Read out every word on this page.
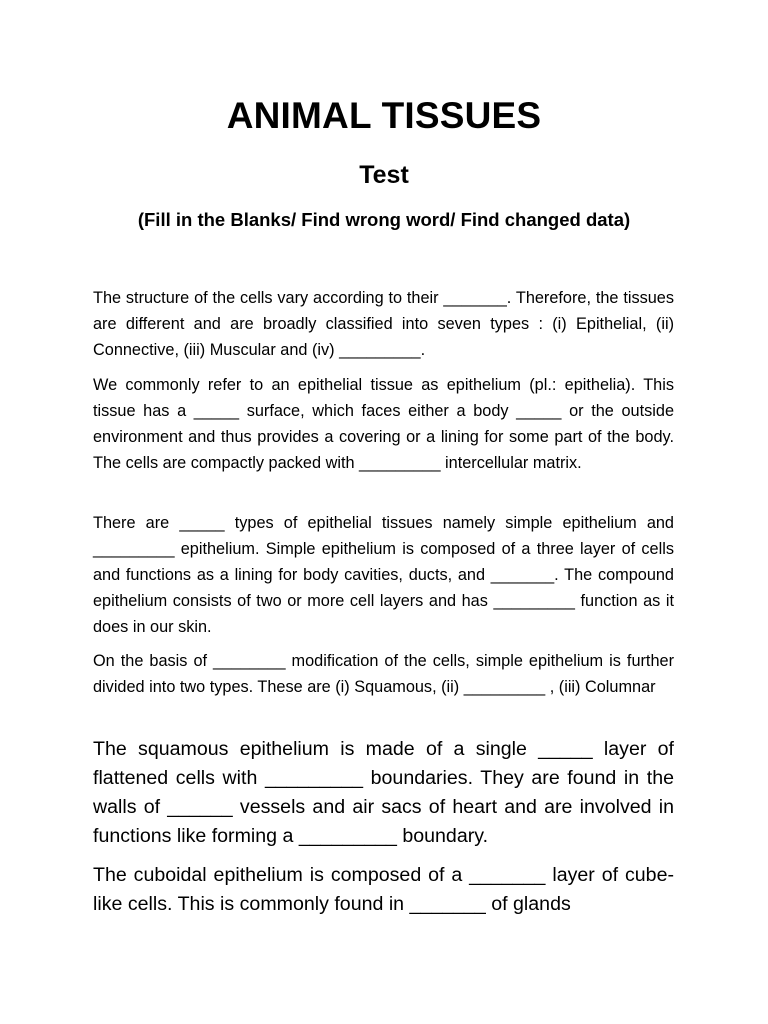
ANIMAL TISSUES
Test
(Fill in the Blanks/ Find wrong word/ Find changed data)

The structure of the cells vary according to their _______. Therefore, the tissues are different and are broadly classified into seven types : (i) Epithelial, (ii) Connective, (iii) Muscular and (iv) _________.

We commonly refer to an epithelial tissue as epithelium (pl.: epithelia). This tissue has a _____ surface, which faces either a body _____ or the outside environment and thus provides a covering or a lining for some part of the body. The cells are compactly packed with _________ intercellular matrix.

There are _____ types of epithelial tissues namely simple epithelium and _________ epithelium. Simple epithelium is composed of a three layer of cells and functions as a lining for body cavities, ducts, and _______. The compound epithelium consists of two or more cell layers and has _________ function as it does in our skin.

On the basis of ________ modification of the cells, simple epithelium is further divided into two types. These are (i) Squamous, (ii) _________ , (iii) Columnar

The squamous epithelium is made of a single _____ layer of flattened cells with _________ boundaries. They are found in the walls of ______ vessels and air sacs of heart and are involved in functions like forming a _________ boundary.

The cuboidal epithelium is composed of a _______ layer of cube-like cells. This is commonly found in _______ of glands
